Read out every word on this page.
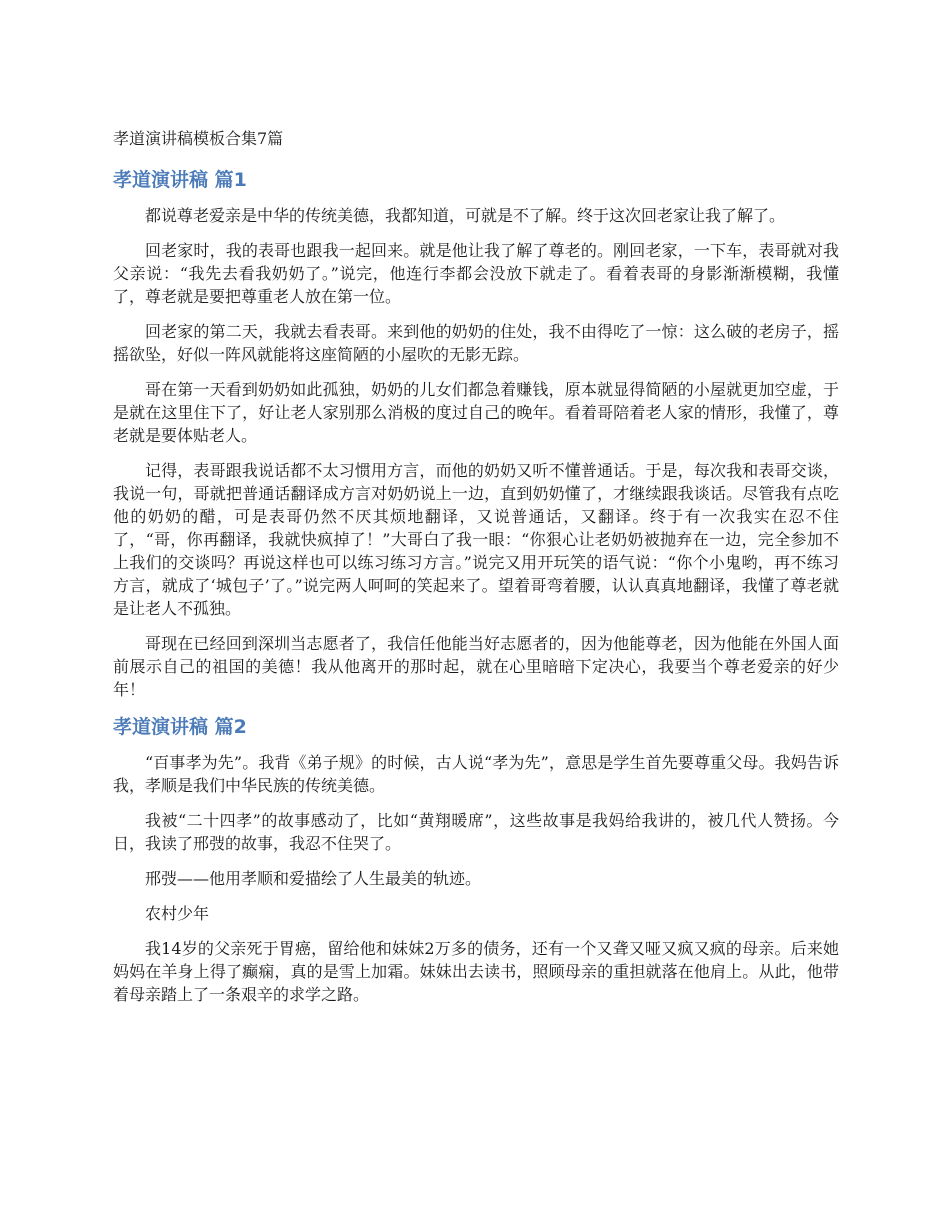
孝道演讲稿模板合集7篇
孝道演讲稿 篇1

都说尊老爱亲是中华的传统美德，我都知道，可就是不了解。终于这次回老家让我了解了。

回老家时，我的表哥也跟我一起回来。就是他让我了解了尊老的。刚回老家，一下车，表哥就对我父亲说：“我先去看我奶奶了。”说完，他连行李都会没放下就走了。看着表哥的身影渐渐模糊，我懂了，尊老就是要把尊重老人放在第一位。

回老家的第二天，我就去看表哥。来到他的奶奶的住处，我不由得吃了一惊：这么破的老房子，摇摇欲坠，好似一阵风就能将这座简陋的小屋吹的无影无踪。

哥在第一天看到奶奶如此孤独，奶奶的儿女们都急着赚钱，原本就显得简陋的小屋就更加空虚，于是就在这里住下了，好让老人家别那么消极的度过自己的晚年。看着哥陪着老人家的情形，我懂了，尊老就是要体贴老人。

记得，表哥跟我说话都不太习惯用方言，而他的奶奶又听不懂普通话。于是，每次我和表哥交谈，我说一句，哥就把普通话翻译成方言对奶奶说上一边，直到奶奶懂了，才继续跟我谈话。尽管我有点吃他的奶奶的醋，可是表哥仍然不厌其烦地翻译，又说普通话，又翻译。终于有一次我实在忍不住了，“哥，你再翻译，我就快疯掉了！”大哥白了我一眼：“你狠心让老奶奶被抛弃在一边，完全参加不上我们的交谈吗？再说这样也可以练习练习方言。”说完又用开玩笑的语气说：“你个小鬼哟，再不练习方言，就成了‘城包子’了。”说完两人呵呵的笑起来了。望着哥弯着腰，认认真真地翻译，我懂了尊老就是让老人不孤独。

哥现在已经回到深圳当志愿者了，我信任他能当好志愿者的，因为他能尊老，因为他能在外国人面前展示自己的祖国的美德！我从他离开的那时起，就在心里暗暗下定决心，我要当个尊老爱亲的好少年！

孝道演讲稿 篇2

“百事孝为先”。我背《弟子规》的时候，古人说“孝为先”，意思是学生首先要尊重父母。我妈告诉我，孝顺是我们中华民族的传统美德。

我被“二十四孝”的故事感动了，比如“黄翔暖席”，这些故事是我妈给我讲的，被几代人赞扬。今日，我读了邢弢的故事，我忍不住哭了。

邢弢——他用孝顺和爱描绘了人生最美的轨迹。

农村少年

我14岁的父亲死于胃癌，留给他和妹妹2万多的债务，还有一个又聋又哑又疯又疯的母亲。后来她妈妈在羊身上得了癫痫，真的是雪上加霜。妹妹出去读书，照顾母亲的重担就落在他肩上。从此，他带着母亲踏上了一条艰辛的求学之路。
